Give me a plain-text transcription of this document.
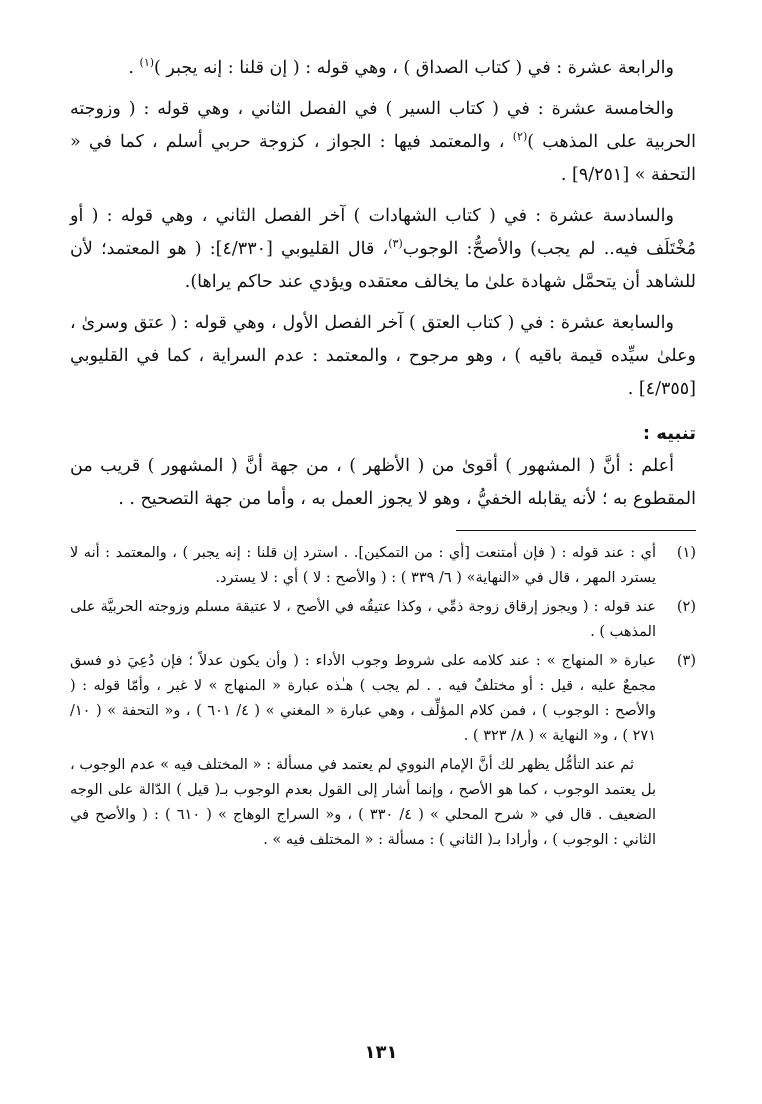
والرابعة عشرة : في ( كتاب الصداق ) ، وهي قوله : ( إن قلنا : إنه يجبر )$^{(١)}$ .

والخامسة عشرة : في ( كتاب السير ) في الفصل الثاني ، وهي قوله : ( وزوجته الحربية على المذهب )$^{(٢)}$ ، والمعتمد فيها : الجواز ، كزوجة حربي أسلم ، كما في « التحفة » [٩/٢٥١] .

والسادسة عشرة : في ( كتاب الشهادات ) آخر الفصل الثاني ، وهي قوله : ( أو مُخْتَلَف فيه.. لم يجب) والأصحُّ: الوجوب$^{(٣)}$، قال القليوبي [٤/٣٣٠]: ( هو المعتمد؛ لأن للشاهد أن يتحمَّل شهادة علىٰ ما يخالف معتقده ويؤدي عند حاكم يراها).

والسابعة عشرة : في ( كتاب العتق ) آخر الفصل الأول ، وهي قوله : ( عتق وسرىٰ ، وعلىٰ سيِّده قيمة باقيه ) ، وهو مرجوح ، والمعتمد : عدم السراية ، كما في القليوبي [٤/٣٥٥] .

تنبيه :

أعلم : أنَّ ( المشهور ) أقوىٰ من ( الأظهر ) ، من جهة أنَّ ( المشهور ) قريب من المقطوع به ؛ لأنه يقابله الخفيُّ ، وهو لا يجوز العمل به ، وأما من جهة التصحيح . .

(١)
أي : عند قوله : ( فإن أمتنعت [أي : من التمكين]. . استرد إن قلنا : إنه يجبر ) ، والمعتمد : أنه لا يسترد المهر ، قال في «النهاية» ( ٦/ ٣٣٩ ) : ( والأصح : لا ) أي : لا يسترد.
(٢)
عند قوله : ( ويجوز إرقاق زوجة ذمِّي ، وكذا عتيقُه في الأصح ، لا عتيقة مسلم وزوجته الحربيَّة على المذهب ) .
(٣)
عبارة « المنهاج » : عند كلامه على شروط وجوب الأداء : ( وأن يكون عدلاً ؛ فإن دُعِيَ ذو فسق مجمعٌ عليه ، قيل : أو مختلفٌ فيه . . لم يجب ) هـٰذه عبارة « المنهاج » لا غير ، وأمّا قوله : ( والأصح : الوجوب ) ، فمن كلام المؤلِّف ، وهي عبارة « المغني » ( ٤/ ٦٠١ ) ، و« التحفة » ( ١٠/ ٢٧١ ) ، و« النهاية » ( ٨/ ٣٢٣ ) .

ثم عند التأمُّل يظهر لك أنَّ الإمام النووي لم يعتمد في مسألة : « المختلف فيه » عدم الوجوب ، بل يعتمد الوجوب ، كما هو الأصح ، وإنما أشار إلى القول بعدم الوجوب بـ( قيل ) الدّالة على الوجه الضعيف . قال في « شرح المحلي » ( ٤/ ٣٣٠ ) ، و« السراج الوهاج » ( ٦١٠ ) : ( والأصح في الثاني : الوجوب ) ، وأرادا بـ( الثاني ) : مسألة : « المختلف فيه » .

١٣١
